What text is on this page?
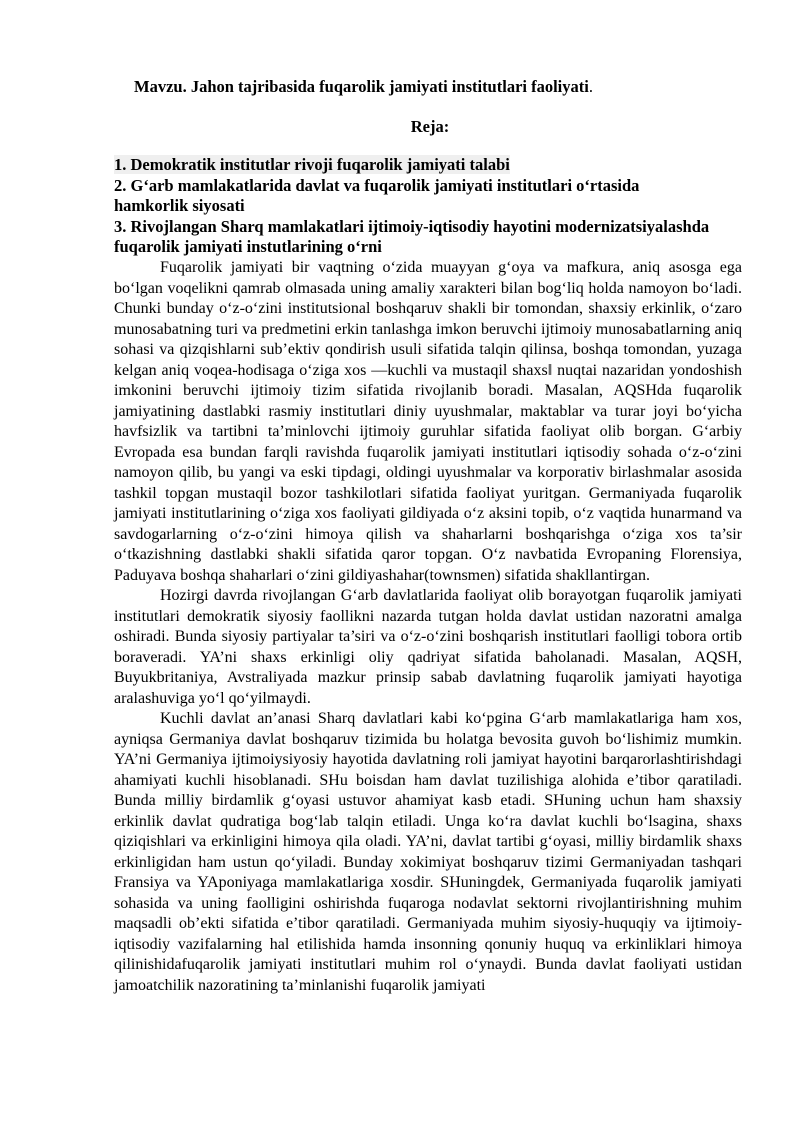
Mavzu. Jahon tajribasida fuqarolik jamiyati institutlari faoliyati.
Reja:

1. Demokratik institutlar rivoji fuqarolik jamiyati talabi

2. G‘arb mamlakatlarida davlat va fuqarolik jamiyati institutlari o‘rtasida hamkorlik siyosati

3. Rivojlangan Sharq mamlakatlari ijtimoiy-iqtisodiy hayotini modernizatsiyalashda fuqarolik jamiyati instutlarining o‘rni

Fuqarolik jamiyati bir vaqtning o‘zida muayyan g‘oya va mafkura, aniq asosga ega bo‘lgan voqelikni qamrab olmasada uning amaliy xarakteri bilan bog‘liq holda namoyon bo‘ladi. Chunki bunday o‘z-o‘zini institutsional boshqaruv shakli bir tomondan, shaxsiy erkinlik, o‘zaro munosabatning turi va predmetini erkin tanlashga imkon beruvchi ijtimoiy munosabatlarning aniq sohasi va qizqishlarni sub’ektiv qondirish usuli sifatida talqin qilinsa, boshqa tomondan, yuzaga kelgan aniq voqea-hodisaga o‘ziga xos ―kuchli va mustaqil shaxs‖ nuqtai nazaridan yondoshish imkonini beruvchi ijtimoiy tizim sifatida rivojlanib boradi. Masalan, AQSHda fuqarolik jamiyatining dastlabki rasmiy institutlari diniy uyushmalar, maktablar va turar joyi bo‘yicha havfsizlik va tartibni ta’minlovchi ijtimoiy guruhlar sifatida faoliyat olib borgan. G‘arbiy Evropada esa bundan farqli ravishda fuqarolik jamiyati institutlari iqtisodiy sohada o‘z-o‘zini namoyon qilib, bu yangi va eski tipdagi, oldingi uyushmalar va korporativ birlashmalar asosida tashkil topgan mustaqil bozor tashkilotlari sifatida faoliyat yuritgan. Germaniyada fuqarolik jamiyati institutlarining o‘ziga xos faoliyati gildiyada o‘z aksini topib, o‘z vaqtida hunarmand va savdogarlarning o‘z-o‘zini himoya qilish va shaharlarni boshqarishga o‘ziga xos ta’sir o‘tkazishning dastlabki shakli sifatida qaror topgan. O‘z navbatida Evropaning Florensiya, Paduyava boshqa shaharlari o‘zini gildiyashahar(townsmen) sifatida shakllantirgan.

Hozirgi davrda rivojlangan G‘arb davlatlarida faoliyat olib borayotgan fuqarolik jamiyati institutlari demokratik siyosiy faollikni nazarda tutgan holda davlat ustidan nazoratni amalga oshiradi. Bunda siyosiy partiyalar ta’siri va o‘z-o‘zini boshqarish institutlari faolligi tobora ortib boraveradi. YA’ni shaxs erkinligi oliy qadriyat sifatida baholanadi. Masalan, AQSH, Buyukbritaniya, Avstraliyada mazkur prinsip sabab davlatning fuqarolik jamiyati hayotiga aralashuviga yo‘l qo‘yilmaydi.

Kuchli davlat an’anasi Sharq davlatlari kabi ko‘pgina G‘arb mamlakatlariga ham xos, ayniqsa Germaniya davlat boshqaruv tizimida bu holatga bevosita guvoh bo‘lishimiz mumkin. YA’ni Germaniya ijtimoiysiyosiy hayotida davlatning roli jamiyat hayotini barqarorlashtirishdagi ahamiyati kuchli hisoblanadi. SHu boisdan ham davlat tuzilishiga alohida e’tibor qaratiladi. Bunda milliy birdamlik g‘oyasi ustuvor ahamiyat kasb etadi. SHuning uchun ham shaxsiy erkinlik davlat qudratiga bog‘lab talqin etiladi. Unga ko‘ra davlat kuchli bo‘lsagina, shaxs qiziqishlari va erkinligini himoya qila oladi. YA’ni, davlat tartibi g‘oyasi, milliy birdamlik shaxs erkinligidan ham ustun qo‘yiladi. Bunday xokimiyat boshqaruv tizimi Germaniyadan tashqari Fransiya va YAponiyaga mamlakatlariga xosdir. SHuningdek, Germaniyada fuqarolik jamiyati sohasida va uning faolligini oshirishda fuqaroga nodavlat sektorni rivojlantirishning muhim maqsadli ob’ekti sifatida e’tibor qaratiladi. Germaniyada muhim siyosiy-huquqiy va ijtimoiy-iqtisodiy vazifalarning hal etilishida hamda insonning qonuniy huquq va erkinliklari himoya qilinishidafuqarolik jamiyati institutlari muhim rol o‘ynaydi. Bunda davlat faoliyati ustidan jamoatchilik nazoratining ta’minlanishi fuqarolik jamiyati
